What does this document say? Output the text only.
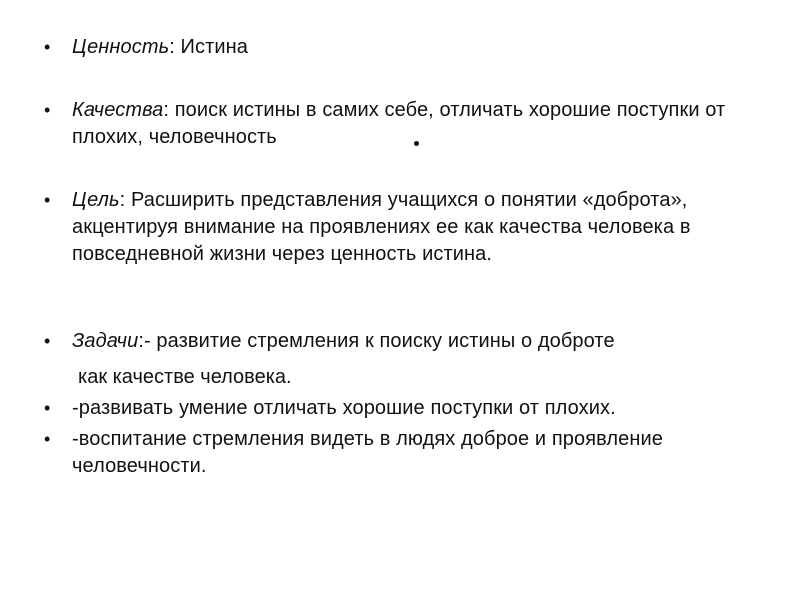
•	Ценность: Истина
•	Качества: поиск истины в самих себе, отличать хорошие поступки от плохих, человечность
•	Цель: Расширить представления учащихся о понятии «доброта», акцентируя внимание на проявлениях ее как качества человека в повседневной жизни через ценность истина.
•	Задачи:- развитие стремления к поиску истины о доброте
как качестве человека.
•	-развивать умение отличать хорошие поступки от плохих.
•	-воспитание стремления видеть в людях доброе и проявление человечности.
